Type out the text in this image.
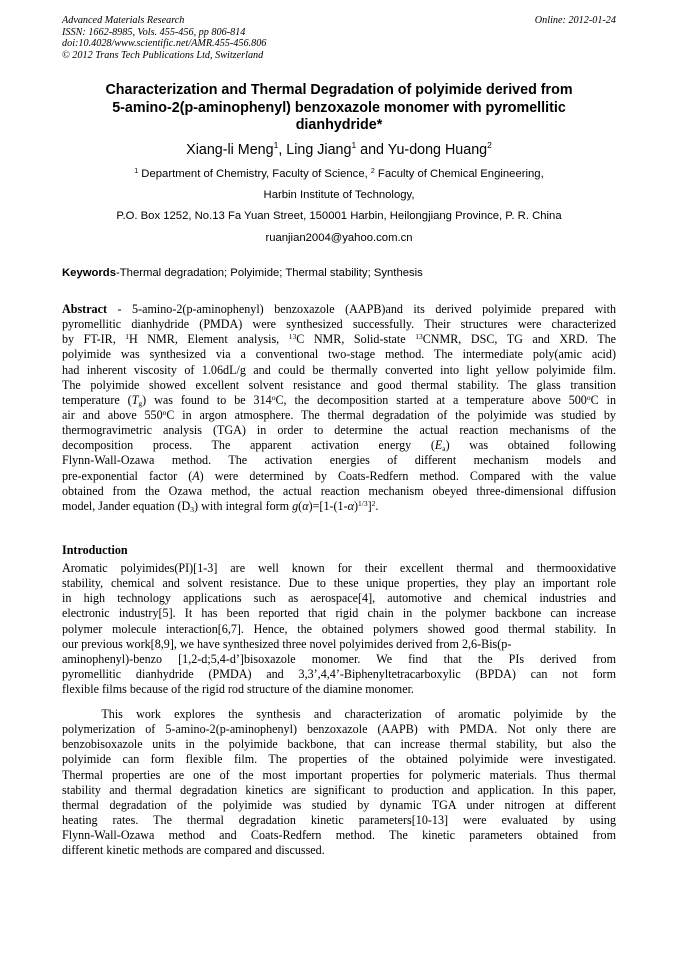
Advanced Materials Research
ISSN: 1662-8985, Vols. 455-456, pp 806-814
doi:10.4028/www.scientific.net/AMR.455-456.806
© 2012 Trans Tech Publications Ltd, Switzerland
Online: 2012-01-24
Characterization and Thermal Degradation of polyimide derived from
5-amino-2(p-aminophenyl) benzoxazole monomer with pyromellitic
dianhydride*
Xiang-li Meng$^1$, Ling Jiang$^1$ and Yu-dong Huang$^2$
$^1$ Department of Chemistry, Faculty of Science, $^2$ Faculty of Chemical Engineering,
Harbin Institute of Technology,
P.O. Box 1252, No.13 Fa Yuan Street, 150001 Harbin, Heilongjiang Province, P. R. China
ruanjian2004@yahoo.com.cn
Keywords-Thermal degradation; Polyimide; Thermal stability; Synthesis
Abstract - 5-amino-2(p-aminophenyl) benzoxazole (AAPB)and its derived polyimide prepared with
pyromellitic dianhydride (PMDA) were synthesized successfully. Their structures were characterized
by FT-IR, $^1$H NMR, Element analysis, $^{13}$C NMR, Solid-state $^{13}$CNMR, DSC, TG and XRD. The
polyimide was synthesized via a conventional two-stage method. The intermediate poly(amic acid)
had inherent viscosity of 1.06dL/g and could be thermally converted into light yellow polyimide film.
The polyimide showed excellent solvent resistance and good thermal stability. The glass transition
temperature $(T_g)$ was found to be 314$^o$C, the decomposition started at a temperature above 500$^o$C in
air and above 550$^o$C in argon atmosphere. The thermal degradation of the polyimide was studied by
thermogravimetric analysis (TGA) in order to determine the actual reaction mechanisms of the
decomposition process. The apparent activation energy $(E_a)$ was obtained following
Flynn-Wall-Ozawa method. The activation energies of different mechanism models and
pre-exponential factor (A) were determined by Coats-Redfern method. Compared with the value
obtained from the Ozawa method, the actual reaction mechanism obeyed three-dimensional diffusion
model, Jander equation $(D_3)$ with integral form $g(\alpha)=[1-(1-\alpha)^{1/3}]^2$.
Introduction
Aromatic polyimides(PI)[1-3] are well known for their excellent thermal and thermooxidative
stability, chemical and solvent resistance. Due to these unique properties, they play an important role
in high technology applications such as aerospace[4], automotive and chemical industries and
electronic industry[5]. It has been reported that rigid chain in the polymer backbone can increase
polymer molecule interaction[6,7]. Hence, the obtained polymers showed good thermal stability. In
our previous work[8,9], we have synthesized three novel polyimides derived from 2,6-Bis(p-
aminophenyl)-benzo [1,2-d;5,4-d’]bisoxazole monomer. We find that the PIs derived from
pyromellitic dianhydride (PMDA) and 3,3’,4,4’-Biphenyltetracarboxylic (BPDA) can not form
flexible films because of the rigid rod structure of the diamine monomer.
This work explores the synthesis and characterization of aromatic polyimide by the
polymerization of 5-amino-2(p-aminophenyl) benzoxazole (AAPB) with PMDA. Not only there are
benzobisoxazole units in the polyimide backbone, that can increase thermal stability, but also the
polyimide can form flexible film. The properties of the obtained polyimide were investigated.
Thermal properties are one of the most important properties for polymeric materials. Thus thermal
stability and thermal degradation kinetics are significant to production and application. In this paper,
thermal degradation of the polyimide was studied by dynamic TGA under nitrogen at different
heating rates. The thermal degradation kinetic parameters[10-13] were evaluated by using
Flynn-Wall-Ozawa method and Coats-Redfern method. The kinetic parameters obtained from
different kinetic methods are compared and discussed.
